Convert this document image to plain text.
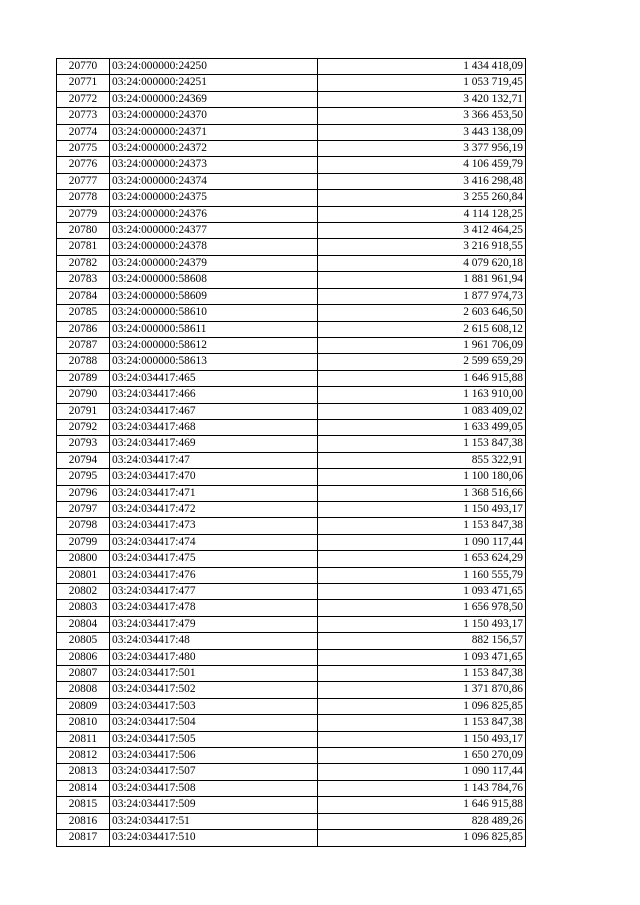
20770	03:24:000000:24250	1 434 418,09
20771	03:24:000000:24251	1 053 719,45
20772	03:24:000000:24369	3 420 132,71
20773	03:24:000000:24370	3 366 453,50
20774	03:24:000000:24371	3 443 138,09
20775	03:24:000000:24372	3 377 956,19
20776	03:24:000000:24373	4 106 459,79
20777	03:24:000000:24374	3 416 298,48
20778	03:24:000000:24375	3 255 260,84
20779	03:24:000000:24376	4 114 128,25
20780	03:24:000000:24377	3 412 464,25
20781	03:24:000000:24378	3 216 918,55
20782	03:24:000000:24379	4 079 620,18
20783	03:24:000000:58608	1 881 961,94
20784	03:24:000000:58609	1 877 974,73
20785	03:24:000000:58610	2 603 646,50
20786	03:24:000000:58611	2 615 608,12
20787	03:24:000000:58612	1 961 706,09
20788	03:24:000000:58613	2 599 659,29
20789	03:24:034417:465	1 646 915,88
20790	03:24:034417:466	1 163 910,00
20791	03:24:034417:467	1 083 409,02
20792	03:24:034417:468	1 633 499,05
20793	03:24:034417:469	1 153 847,38
20794	03:24:034417:47	855 322,91
20795	03:24:034417:470	1 100 180,06
20796	03:24:034417:471	1 368 516,66
20797	03:24:034417:472	1 150 493,17
20798	03:24:034417:473	1 153 847,38
20799	03:24:034417:474	1 090 117,44
20800	03:24:034417:475	1 653 624,29
20801	03:24:034417:476	1 160 555,79
20802	03:24:034417:477	1 093 471,65
20803	03:24:034417:478	1 656 978,50
20804	03:24:034417:479	1 150 493,17
20805	03:24:034417:48	882 156,57
20806	03:24:034417:480	1 093 471,65
20807	03:24:034417:501	1 153 847,38
20808	03:24:034417:502	1 371 870,86
20809	03:24:034417:503	1 096 825,85
20810	03:24:034417:504	1 153 847,38
20811	03:24:034417:505	1 150 493,17
20812	03:24:034417:506	1 650 270,09
20813	03:24:034417:507	1 090 117,44
20814	03:24:034417:508	1 143 784,76
20815	03:24:034417:509	1 646 915,88
20816	03:24:034417:51	828 489,26
20817	03:24:034417:510	1 096 825,85
